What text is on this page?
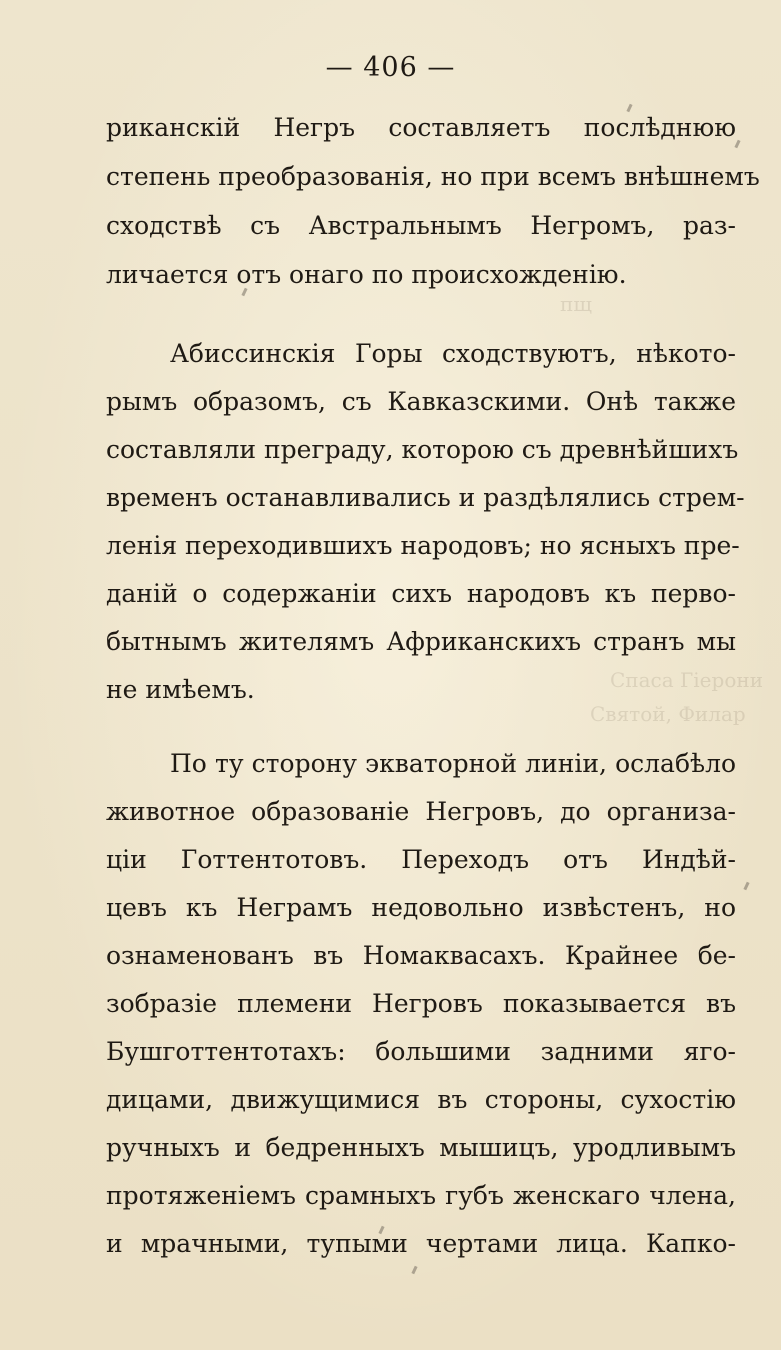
пщ
Спаса Гіерони
Святой, Филар
— 406 —
рикaнскiй Негръ составляетъ послѣднюю
степень преобразованiя, но при всемъ внѣшнемъ
сходствѣ съ Австральнымъ Негромъ, раз-
личается отъ онаго по происхожденiю.
Абиссинскiя Горы сходствуютъ, нѣкото-
рымъ образомъ, съ Кавказскими. Онѣ также
составляли преграду, которою съ древнѣйшихъ
временъ останавливались и раздѣлялись стрем-
ленiя переходившихъ народовъ; но ясныхъ пре-
данiй о содержанiи сихъ народовъ къ перво-
бытнымъ жителямъ Африканскихъ странъ мы
не имѣемъ.
По ту сторону экваторной линiи, ослабѣло
животное образованiе Негровъ, до организа-
цiи Готтентотовъ. Переходъ отъ Индѣй-
цевъ къ Неграмъ недовольно извѣстенъ, но
ознаменованъ въ Номаквасахъ. Крайнее бе-
зобразiе племени Негровъ показывается въ
Бушготтентотахъ: большими задними яго-
дицами, движущимися въ стороны, сухостiю
ручныхъ и бедренныхъ мышицъ, уродливымъ
протяженiемъ срамныхъ губъ женскаго члена,
и мрачными, тупыми чертами лица. Капко-
